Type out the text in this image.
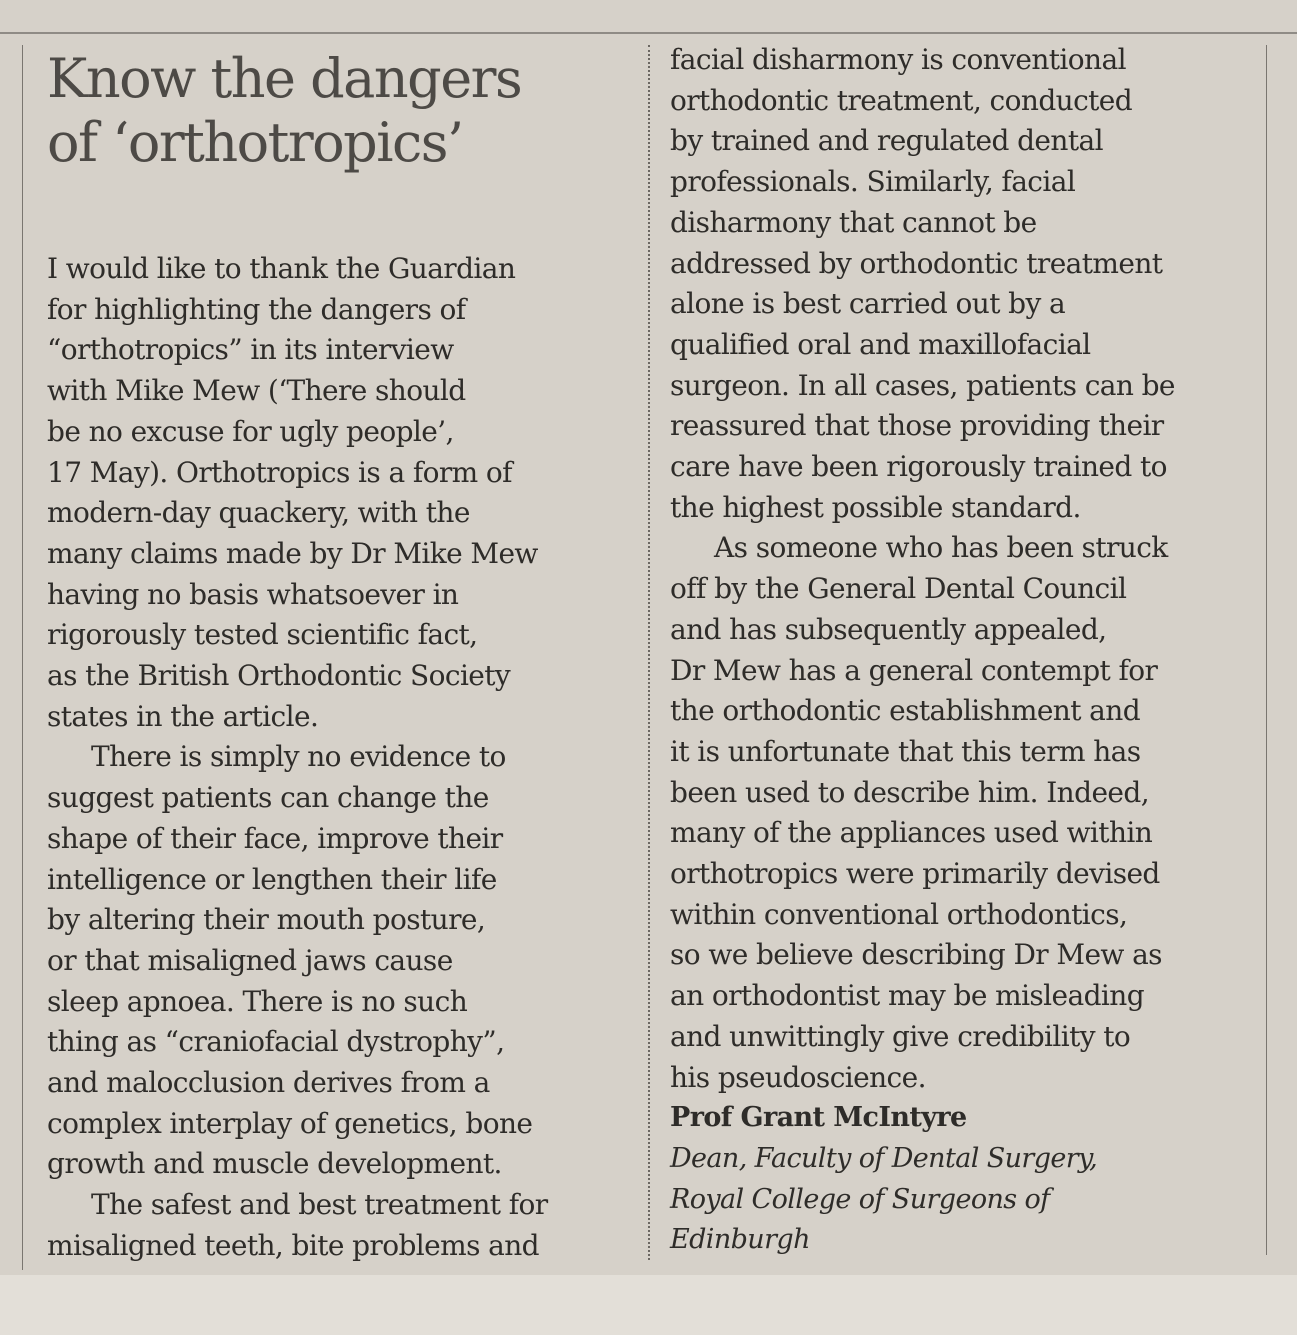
Know the dangers
of ‘orthotropics’
I would like to thank the Guardian
for highlighting the dangers of
“orthotropics” in its interview
with Mike Mew (‘There should
be no excuse for ugly people’,
17 May). Orthotropics is a form of
modern-day quackery, with the
many claims made by Dr Mike Mew
having no basis whatsoever in
rigorously tested scientific fact,
as the British Orthodontic Society
states in the article.
There is simply no evidence to
suggest patients can change the
shape of their face, improve their
intelligence or lengthen their life
by altering their mouth posture,
or that misaligned jaws cause
sleep apnoea. There is no such
thing as “craniofacial dystrophy”,
and malocclusion derives from a
complex interplay of genetics, bone
growth and muscle development.
The safest and best treatment for
misaligned teeth, bite problems and
facial disharmony is conventional
orthodontic treatment, conducted
by trained and regulated dental
professionals. Similarly, facial
disharmony that cannot be
addressed by orthodontic treatment
alone is best carried out by a
qualified oral and maxillofacial
surgeon. In all cases, patients can be
reassured that those providing their
care have been rigorously trained to
the highest possible standard.
As someone who has been struck
off by the General Dental Council
and has subsequently appealed,
Dr Mew has a general contempt for
the orthodontic establishment and
it is unfortunate that this term has
been used to describe him. Indeed,
many of the appliances used within
orthotropics were primarily devised
within conventional orthodontics,
so we believe describing Dr Mew as
an orthodontist may be misleading
and unwittingly give credibility to
his pseudoscience.
Prof Grant McIntyre
Dean, Faculty of Dental Surgery,
Royal College of Surgeons of
Edinburgh
